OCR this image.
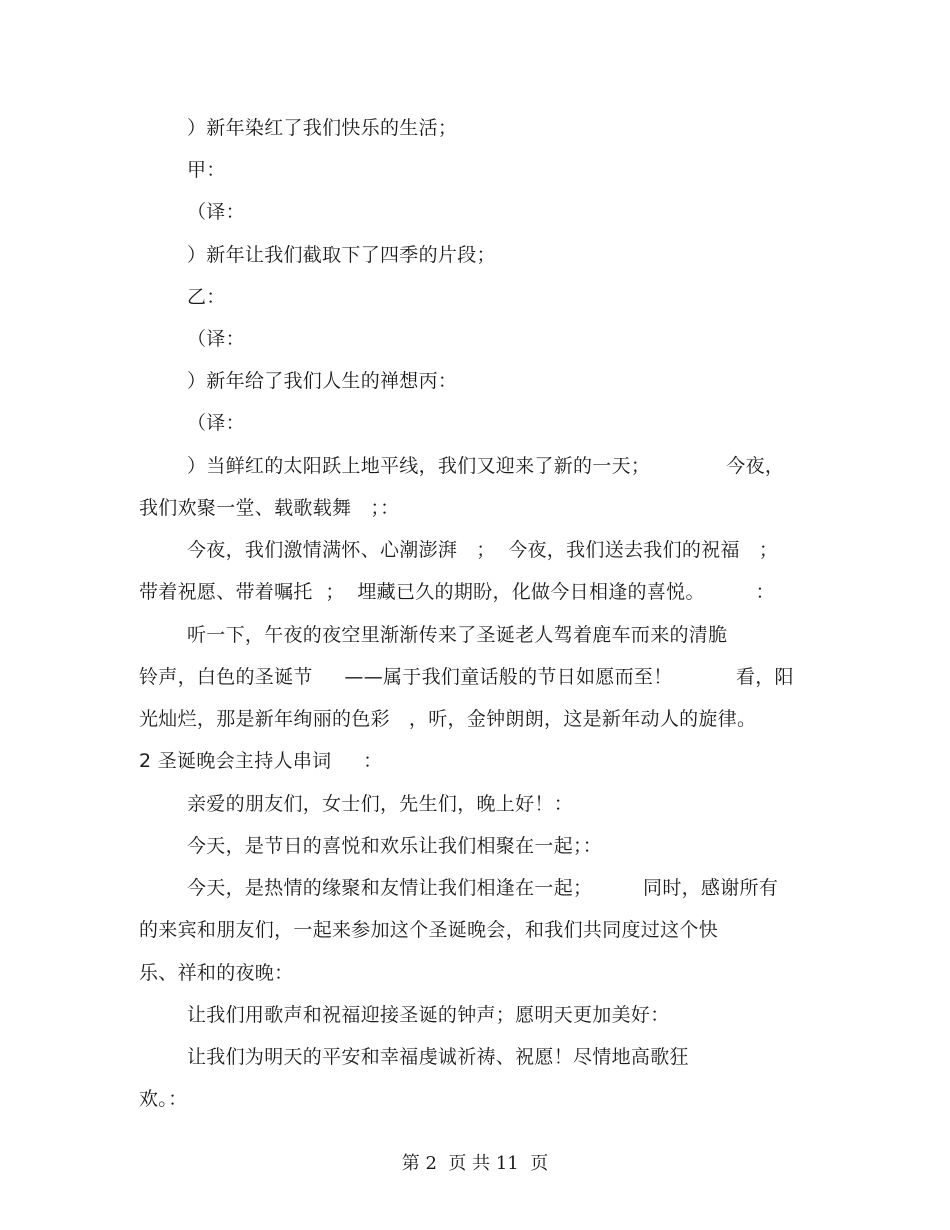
）新年染红了我们快乐的生活；
甲：
（译：
）新年让我们截取下了四季的片段；
乙：
（译：
）新年给了我们人生的禅想丙：
（译：
）当鲜红的太阳跃上地平线，我们又迎来了新的一天；            今夜，
我们欢聚一堂、载歌载舞   ；：
今夜，我们激情满怀、心潮澎湃   ；  今夜，我们送去我们的祝福   ；
带着祝愿、带着嘱托  ；  埋藏已久的期盼，化做今日相逢的喜悦。        ：
听一下，午夜的夜空里渐渐传来了圣诞老人驾着鹿车而来的清脆
铃声，白色的圣诞节     ——属于我们童话般的节日如愿而至！          看，阳
光灿烂，那是新年绚丽的色彩   ，听，金钟朗朗，这是新年动人的旋律。
2 圣诞晚会主持人串词     ：
亲爱的朋友们，女士们，先生们，晚上好！：
今天，是节日的喜悦和欢乐让我们相聚在一起；：
今天，是热情的缘聚和友情让我们相逢在一起；        同时，感谢所有
的来宾和朋友们，一起来参加这个圣诞晚会，和我们共同度过这个快
乐、祥和的夜晚：
让我们用歌声和祝福迎接圣诞的钟声；愿明天更加美好：
让我们为明天的平安和幸福虔诚祈祷、祝愿！尽情地高歌狂
欢。：
第 2  页 共 11  页
